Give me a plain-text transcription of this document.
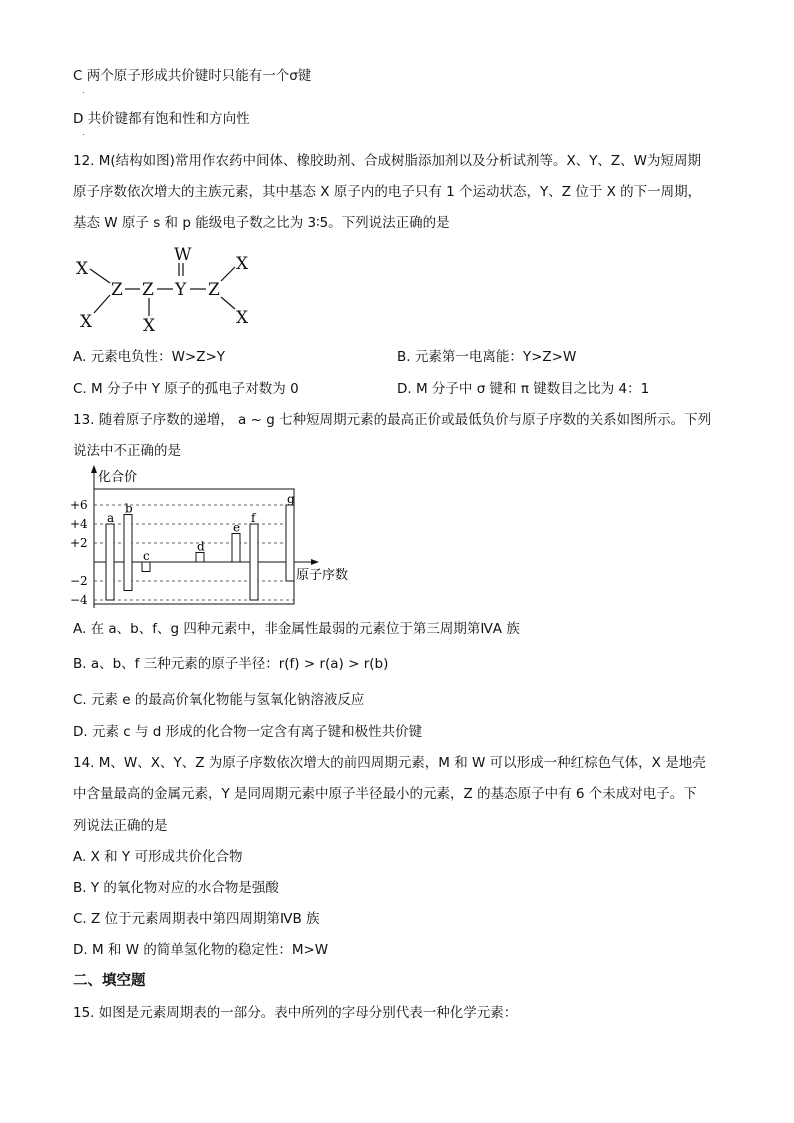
C 两个原子形成共价键时只能有一个σ键
.
D 共价键都有饱和性和方向性
.
12. M(结构如图)常用作农药中间体、橡胶助剂、合成树脂添加剂以及分析试剂等。X、Y、Z、W为短周期
原子序数依次增大的主族元素，其中基态 X 原子内的电子只有 1 个运动状态，Y、Z 位于 X 的下一周期，
基态 W 原子 s 和 p 能级电子数之比为 3∶5。下列说法正确的是
X
X
Z Z
X
Y
W
Z
X
X
A. 元素电负性：W>Z>Y	B. 元素第一电离能：Y>Z>W
C. M 分子中 Y 原子的孤电子对数为 0	D. M 分子中 σ 键和 π 键数目之比为 4：1
13. 随着原子序数的递增， a ~ g 七种短周期元素的最高正价或最低负价与原子序数的关系如图所示。下列
说法中不正确的是
化合价
原子序数
+6
+4
+2
−2
−4
a
b
c
d
e
f
g
A. 在 a、b、f、g 四种元素中，非金属性最弱的元素位于第三周期第ⅣA 族
B. a、b、f 三种元素的原子半径：r(f) > r(a) > r(b)
C. 元素 e 的最高价氧化物能与氢氧化钠溶液反应
D. 元素 c 与 d 形成的化合物一定含有离子键和极性共价键
14. M、W、X、Y、Z 为原子序数依次增大的前四周期元素，M 和 W 可以形成一种红棕色气体，X 是地壳
中含量最高的金属元素，Y 是同周期元素中原子半径最小的元素，Z 的基态原子中有 6 个未成对电子。下
列说法正确的是
A. X 和 Y 可形成共价化合物
B. Y 的氧化物对应的水合物是强酸
C. Z 位于元素周期表中第四周期第ⅣB 族
D. M 和 W 的简单氢化物的稳定性：M>W
二、填空题
15. 如图是元素周期表的一部分。表中所列的字母分别代表一种化学元素：
